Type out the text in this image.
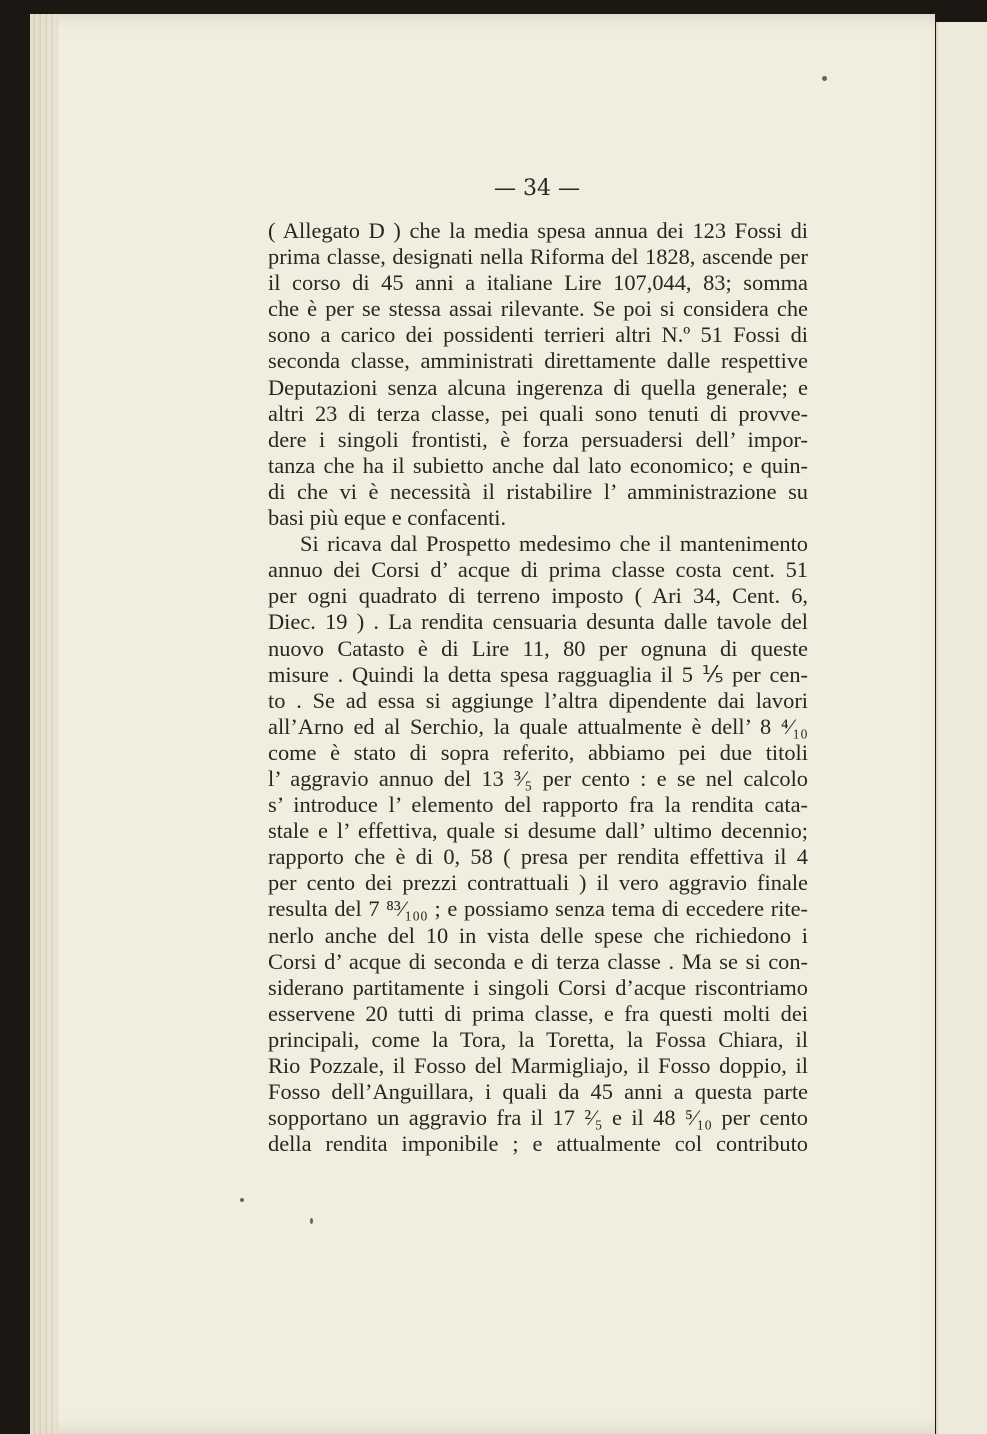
— 34 —
( Allegato D ) che la media spesa annua dei 123 Fossi di
prima classe, designati nella Riforma del 1828, ascende per
il corso di 45 anni a italiane Lire 107,044, 83; somma
che è per se stessa assai rilevante. Se poi si considera che
sono a carico dei possidenti terrieri altri N.º 51 Fossi di
seconda classe, amministrati direttamente dalle respettive
Deputazioni senza alcuna ingerenza di quella generale; e
altri 23 di terza classe, pei quali sono tenuti di provve-
dere i singoli frontisti, è forza persuadersi dell’ impor-
tanza che ha il subietto anche dal lato economico; e quin-
di che vi è necessità il ristabilire l’ amministrazione su
basi più eque e confacenti.
Si ricava dal Prospetto medesimo che il mantenimento
annuo dei Corsi d’ acque di prima classe costa cent. 51
per ogni quadrato di terreno imposto ( Ari 34, Cent. 6,
Diec. 19 ) . La rendita censuaria desunta dalle tavole del
nuovo Catasto è di Lire 11, 80 per ognuna di queste
misure . Quindi la detta spesa ragguaglia il 5 ⅕ per cen-
to . Se ad essa si aggiunge l’altra dipendente dai lavori
all’Arno ed al Serchio, la quale attualmente è dell’ 8 ⁴⁄₁₀
come è stato di sopra referito, abbiamo pei due titoli
l’ aggravio annuo del 13 ³⁄₅ per cento : e se nel calcolo
s’ introduce l’ elemento del rapporto fra la rendita cata-
stale e l’ effettiva, quale si desume dall’ ultimo decennio;
rapporto che è di 0, 58 ( presa per rendita effettiva il 4
per cento dei prezzi contrattuali ) il vero aggravio finale
resulta del 7 ⁸³⁄₁₀₀ ; e possiamo senza tema di eccedere rite-
nerlo anche del 10 in vista delle spese che richiedono i
Corsi d’ acque di seconda e di terza classe . Ma se si con-
siderano partitamente i singoli Corsi d’acque riscontriamo
esservene 20 tutti di prima classe, e fra questi molti dei
principali, come la Tora, la Toretta, la Fossa Chiara, il
Rio Pozzale, il Fosso del Marmigliajo, il Fosso doppio, il
Fosso dell’Anguillara, i quali da 45 anni a questa parte
sopportano un aggravio fra il 17 ²⁄₅ e il 48 ⁵⁄₁₀ per cento
della rendita imponibile ; e attualmente col contributo
